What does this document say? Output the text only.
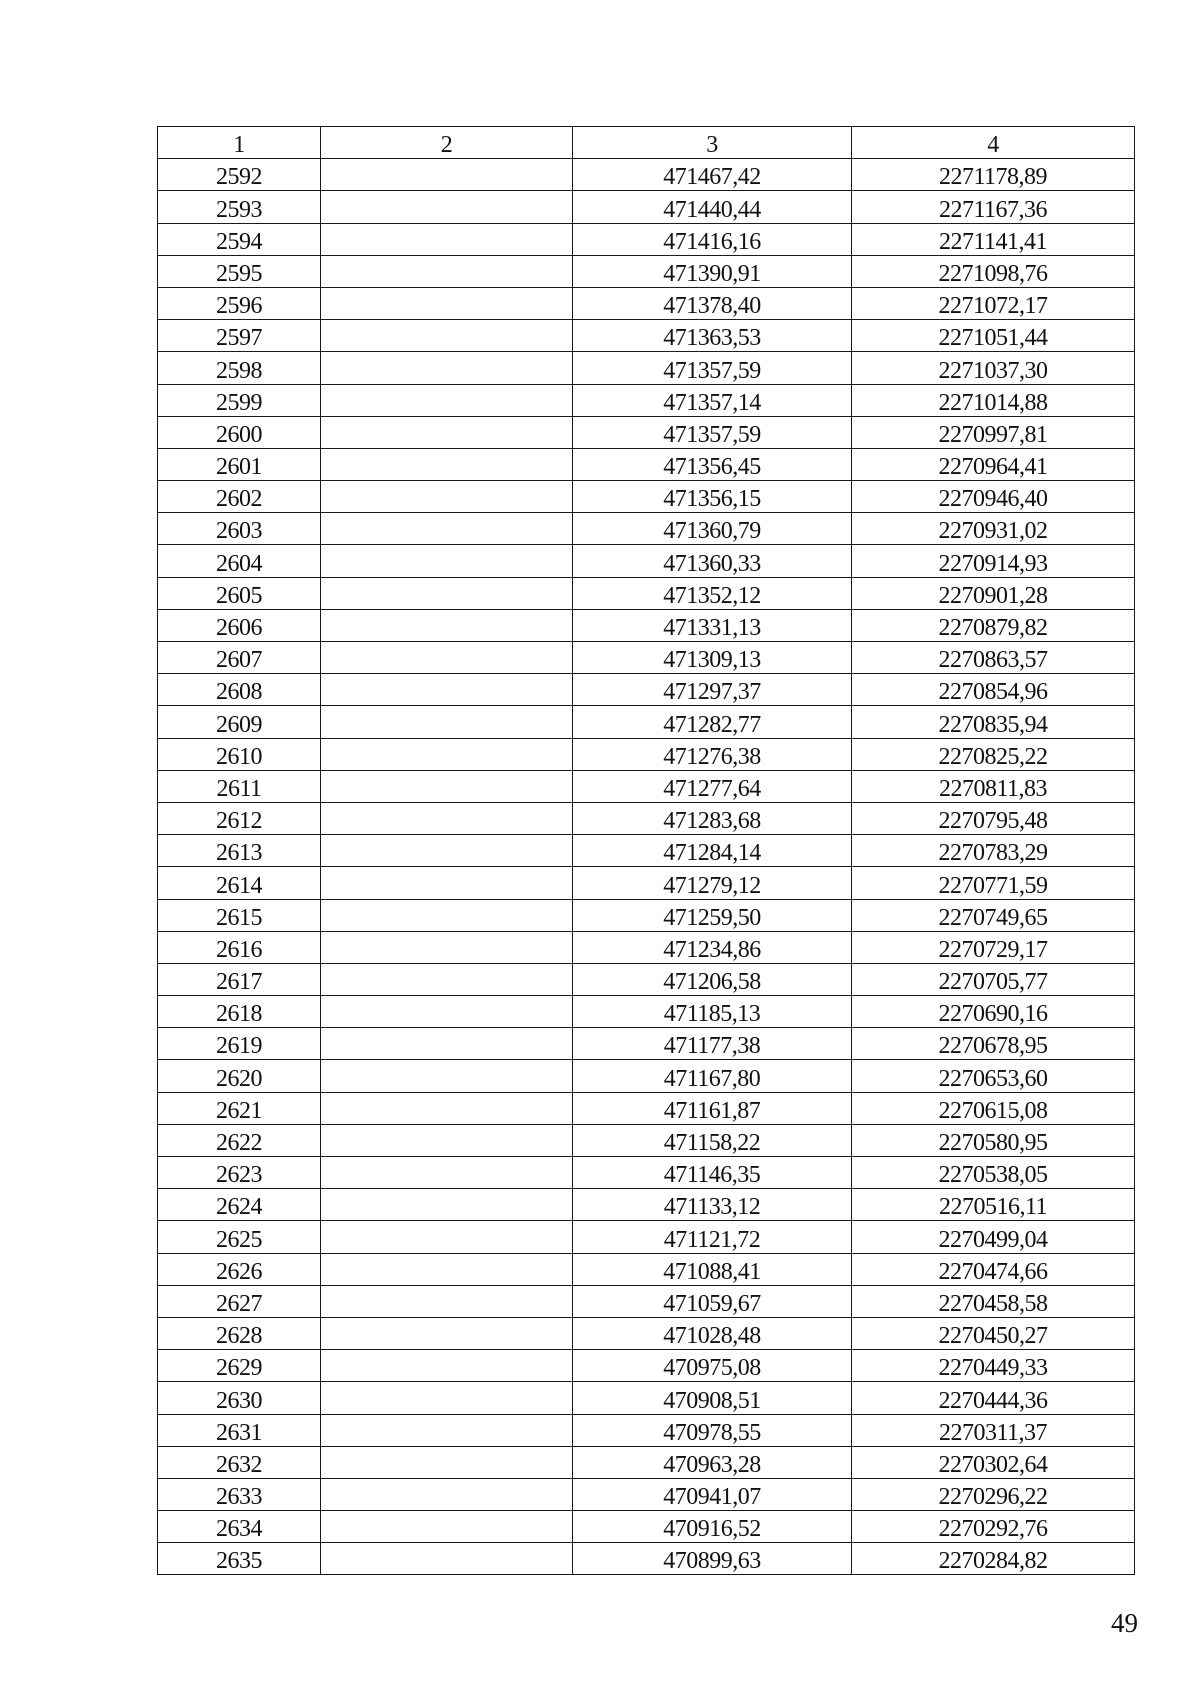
1	2	3	4
2592		471467,42	2271178,89
2593		471440,44	2271167,36
2594		471416,16	2271141,41
2595		471390,91	2271098,76
2596		471378,40	2271072,17
2597		471363,53	2271051,44
2598		471357,59	2271037,30
2599		471357,14	2271014,88
2600		471357,59	2270997,81
2601		471356,45	2270964,41
2602		471356,15	2270946,40
2603		471360,79	2270931,02
2604		471360,33	2270914,93
2605		471352,12	2270901,28
2606		471331,13	2270879,82
2607		471309,13	2270863,57
2608		471297,37	2270854,96
2609		471282,77	2270835,94
2610		471276,38	2270825,22
2611		471277,64	2270811,83
2612		471283,68	2270795,48
2613		471284,14	2270783,29
2614		471279,12	2270771,59
2615		471259,50	2270749,65
2616		471234,86	2270729,17
2617		471206,58	2270705,77
2618		471185,13	2270690,16
2619		471177,38	2270678,95
2620		471167,80	2270653,60
2621		471161,87	2270615,08
2622		471158,22	2270580,95
2623		471146,35	2270538,05
2624		471133,12	2270516,11
2625		471121,72	2270499,04
2626		471088,41	2270474,66
2627		471059,67	2270458,58
2628		471028,48	2270450,27
2629		470975,08	2270449,33
2630		470908,51	2270444,36
2631		470978,55	2270311,37
2632		470963,28	2270302,64
2633		470941,07	2270296,22
2634		470916,52	2270292,76
2635		470899,63	2270284,82
49
